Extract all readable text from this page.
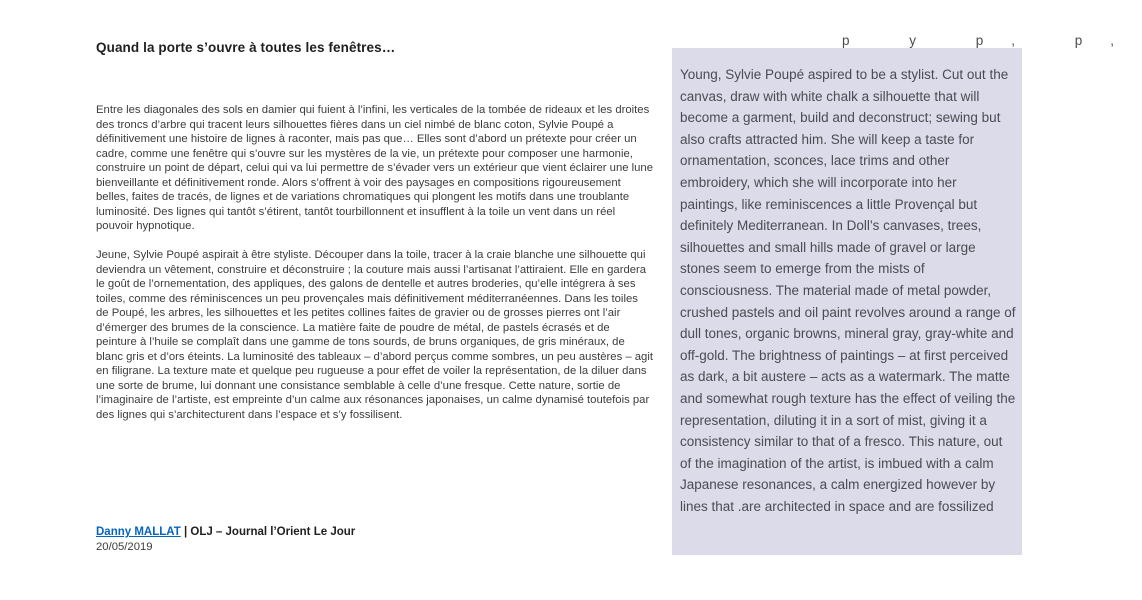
Quand la porte s’ouvre à toutes les fenêtres…

Entre les diagonales des sols en damier qui fuient à l’infini, les verticales de la tombée de rideaux et les droites des troncs d’arbre qui tracent leurs silhouettes fières dans un ciel nimbé de blanc coton, Sylvie Poupé a définitivement une histoire de lignes à raconter, mais pas que… Elles sont d’abord un prétexte pour créer un cadre, comme une fenêtre qui s’ouvre sur les mystères de la vie, un prétexte pour composer une harmonie, construire un point de départ, celui qui va lui permettre de s’évader vers un extérieur que vient éclairer une lune bienveillante et définitivement ronde. Alors s’offrent à voir des paysages en compositions rigoureusement belles, faites de tracés, de lignes et de variations chromatiques qui plongent les motifs dans une troublante luminosité. Des lignes qui tantôt s’étirent, tantôt tourbillonnent et insufflent à la toile un vent dans un réel pouvoir hypnotique.

Jeune, Sylvie Poupé aspirait à être styliste. Découper dans la toile, tracer à la craie blanche une silhouette qui deviendra un vêtement, construire et déconstruire ; la couture mais aussi l’artisanat l’attiraient. Elle en gardera le goût de l’ornementation, des appliques, des galons de dentelle et autres broderies, qu’elle intégrera à ses toiles, comme des réminiscences un peu provençales mais définitivement méditerranéennes. Dans les toiles de Poupé, les arbres, les silhouettes et les petites collines faites de gravier ou de grosses pierres ont l’air d’émerger des brumes de la conscience. La matière faite de poudre de métal, de pastels écrasés et de peinture à l’huile se complaît dans une gamme de tons sourds, de bruns organiques, de gris minéraux, de blanc gris et d’ors éteints. La luminosité des tableaux – d’abord perçus comme sombres, un peu austères – agit en filigrane. La texture mate et quelque peu rugueuse a pour effet de voiler la représentation, de la diluer dans une sorte de brume, lui donnant une consistance semblable à celle d’une fresque. Cette nature, sortie de l’imaginaire de l’artiste, est empreinte d’un calme aux résonances japonaises, un calme dynamisé toutefois par des lignes qui s’architecturent dans l’espace et s’y fossilisent.

Danny MALLAT | OLJ – Journal l’Orient Le Jour
20/05/2019
p y p, p,

Young, Sylvie Poupé aspired to be a stylist. Cut out the canvas, draw with white chalk a silhouette that will become a garment, build and deconstruct; sewing but also crafts attracted him. She will keep a taste for ornamentation, sconces, lace trims and other embroidery, which she will incorporate into her paintings, like reminiscences a little Provençal but definitely Mediterranean. In Doll’s canvases, trees, silhouettes and small hills made of gravel or large stones seem to emerge from the mists of consciousness. The material made of metal powder, crushed pastels and oil paint revolves around a range of dull tones, organic browns, mineral gray, gray-white and off-gold. The brightness of paintings – at first perceived as dark, a bit austere – acts as a watermark. The matte and somewhat rough texture has the effect of veiling the representation, diluting it in a sort of mist, giving it a consistency similar to that of a fresco. This nature, out of the imagination of the artist, is imbued with a calm Japanese resonances, a calm energized however by lines that .are architected in space and are fossilized
